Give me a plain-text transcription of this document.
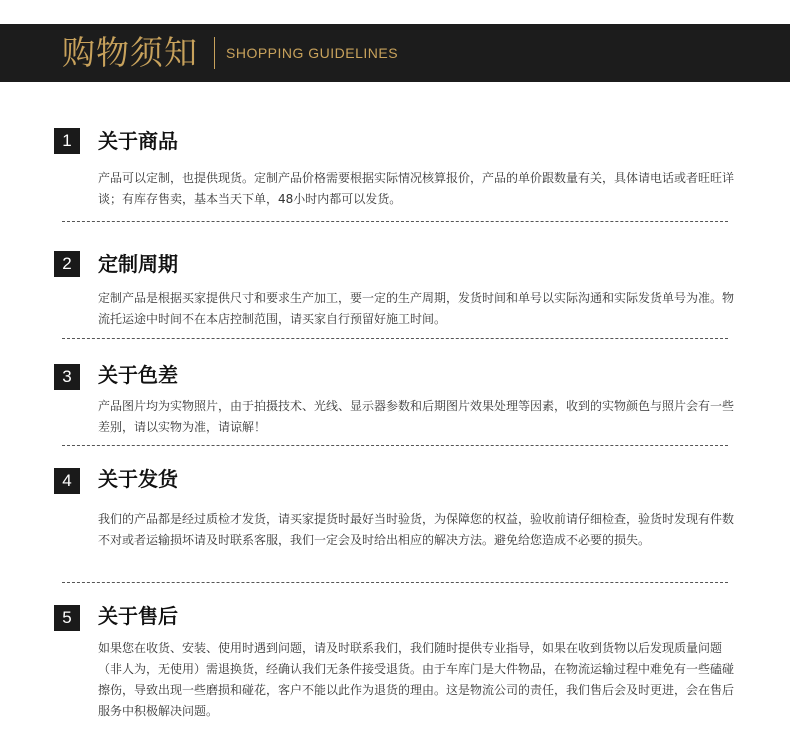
购物须知 SHOPPING GUIDELINES
1	关于商品
产品可以定制，也提供现货。定制产品价格需要根据实际情况核算报价，产品的单价跟数量有关，具体请电话或者旺旺详谈；有库存售卖，基本当天下单，48小时内都可以发货。
2	定制周期
定制产品是根据买家提供尺寸和要求生产加工，要一定的生产周期，发货时间和单号以实际沟通和实际发货单号为准。物流托运途中时间不在本店控制范围，请买家自行预留好施工时间。
3	关于色差
产品图片均为实物照片，由于拍摄技术、光线、显示器参数和后期图片效果处理等因素，收到的实物颜色与照片会有一些差别，请以实物为准，请谅解！
4	关于发货
我们的产品都是经过质检才发货，请买家提货时最好当时验货，为保障您的权益，验收前请仔细检查，验货时发现有件数不对或者运输损坏请及时联系客服，我们一定会及时给出相应的解决方法。避免给您造成不必要的损失。
5	关于售后
如果您在收货、安装、使用时遇到问题，请及时联系我们，我们随时提供专业指导，如果在收到货物以后发现质量问题（非人为，无使用）需退换货，经确认我们无条件接受退货。由于车库门是大件物品，在物流运输过程中难免有一些磕碰擦伤，导致出现一些磨损和碰花，客户不能以此作为退货的理由。这是物流公司的责任，我们售后会及时更进，会在售后服务中积极解决问题。
